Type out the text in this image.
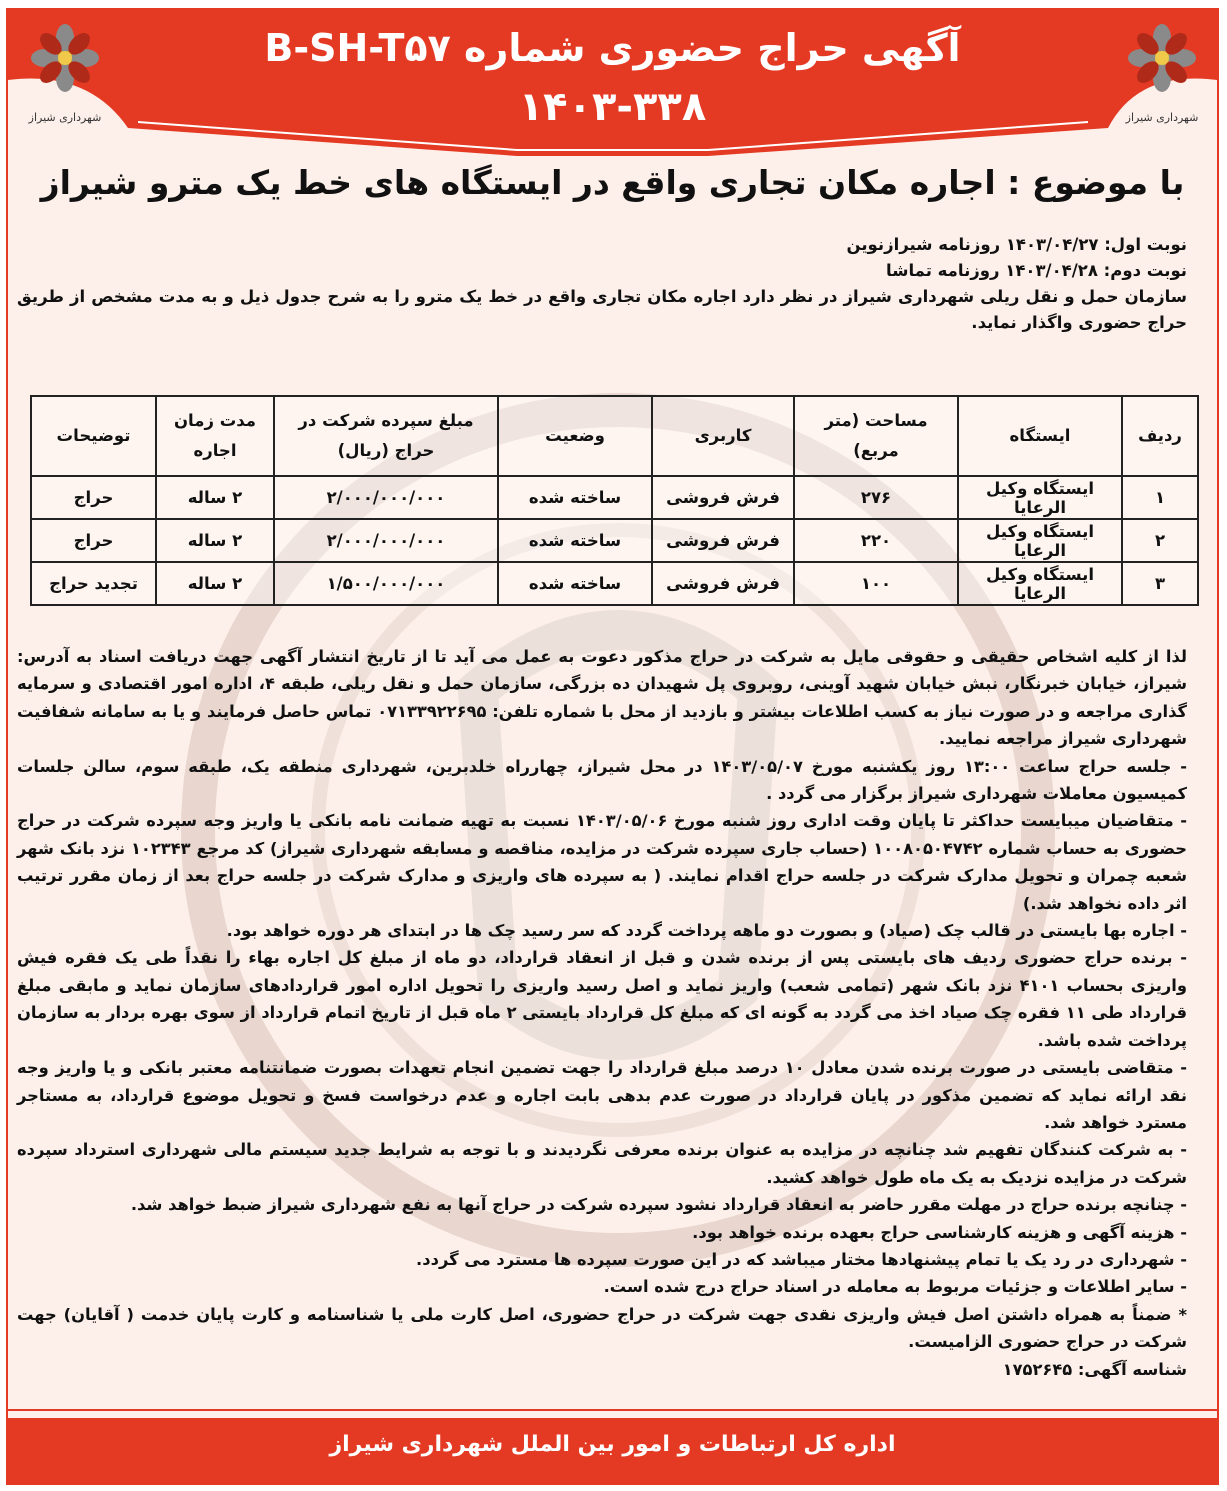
شهرداری شیراز	شهرداری شیراز
آگهی حراج حضوری شماره B-SH-T۵۷
۱۴۰۳-۳۳۸
با موضوع : اجاره مکان تجاری واقع در ایستگاه های خط یک مترو شیراز

نوبت اول: ۱۴۰۳/۰۴/۲۷ روزنامه شیرازنوین

نوبت دوم: ۱۴۰۳/۰۴/۲۸ روزنامه تماشا

سازمان حمل و نقل ریلی شهرداری شیراز در نظر دارد اجاره مکان تجاری واقع در خط یک مترو را به شرح جدول ذیل و به مدت مشخص از طریق حراج حضوری واگذار نماید.

ردیف	ایستگاه	مساحت (متر مربع)	کاربری	وضعیت	مبلغ سپرده شرکت در حراج (ریال)	مدت زمان اجاره	توضیحات
۱	ایستگاه وکیل الرعایا	۲۷۶	فرش فروشی	ساخته شده	۲/۰۰۰/۰۰۰/۰۰۰	۲ ساله	حراج
۲	ایستگاه وکیل الرعایا	۲۲۰	فرش فروشی	ساخته شده	۲/۰۰۰/۰۰۰/۰۰۰	۲ ساله	حراج
۳	ایستگاه وکیل الرعایا	۱۰۰	فرش فروشی	ساخته شده	۱/۵۰۰/۰۰۰/۰۰۰	۲ ساله	تجدید حراج

لذا از کلیه اشخاص حقیقی و حقوقی مایل به شرکت در حراج مذکور دعوت به عمل می آید تا از تاریخ انتشار آگهی جهت دریافت اسناد به آدرس: شیراز، خیابان خبرنگار، نبش خیابان شهید آوینی، روبروی پل شهیدان ده بزرگی، سازمان حمل و نقل ریلی، طبقه ۴، اداره امور اقتصادی و سرمایه گذاری مراجعه و در صورت نیاز به کسب اطلاعات بیشتر و بازدید از محل با شماره تلفن: ۰۷۱۳۳۹۲۲۶۹۵ تماس حاصل فرمایند و یا به سامانه شفافیت شهرداری شیراز مراجعه نمایید.

- جلسه حراج ساعت ۱۳:۰۰ روز یکشنبه مورخ ۱۴۰۳/۰۵/۰۷ در محل شیراز، چهارراه خلدبرین، شهرداری منطقه یک، طبقه سوم، سالن جلسات کمیسیون معاملات شهرداری شیراز برگزار می گردد .

- متقاضیان میبایست حداکثر تا پایان وقت اداری روز شنبه مورخ ۱۴۰۳/۰۵/۰۶ نسبت به تهیه ضمانت نامه بانکی یا واریز وجه سپرده شرکت در حراج حضوری به حساب شماره ۱۰۰۸۰۵۰۴۷۴۲ (حساب جاری سپرده شرکت در مزایده، مناقصه و مسابقه شهرداری شیراز) کد مرجع ۱۰۲۳۴۳ نزد بانک شهر شعبه چمران و تحویل مدارک شرکت در جلسه حراج اقدام نمایند. ( به سپرده های واریزی و مدارک شرکت در جلسه حراج بعد از زمان مقرر ترتیب اثر داده نخواهد شد.)

- اجاره بها بایستی در قالب چک (صیاد) و بصورت دو ماهه پرداخت گردد که سر رسید چک ها در ابتدای هر دوره خواهد بود.

- برنده حراج حضوری ردیف های بایستی پس از برنده شدن و قبل از انعقاد قرارداد، دو ماه از مبلغ کل اجاره بهاء را نقداً طی یک فقره فیش واریزی بحساب ۴۱۰۱ نزد بانک شهر (تمامی شعب) واریز نماید و اصل رسید واریزی را تحویل اداره امور قراردادهای سازمان نماید و مابقی مبلغ قرارداد طی ۱۱ فقره چک صیاد اخذ می گردد به گونه ای که مبلغ کل قرارداد بایستی ۲ ماه قبل از تاریخ اتمام قرارداد از سوی بهره بردار به سازمان پرداخت شده باشد.

- متقاضی بایستی در صورت برنده شدن معادل ۱۰ درصد مبلغ قرارداد را جهت تضمین انجام تعهدات بصورت ضمانتنامه معتبر بانکی و یا واریز وجه نقد ارائه نماید که تضمین مذکور در پایان قرارداد در صورت عدم بدهی بابت اجاره و عدم درخواست فسخ و تحویل موضوع قرارداد، به مستاجر مسترد خواهد شد.

- به شرکت کنندگان تفهیم شد چنانچه در مزایده به عنوان برنده معرفی نگردیدند و با توجه به شرایط جدید سیستم مالی شهرداری استرداد سپرده شرکت در مزایده نزدیک به یک ماه طول خواهد کشید.

- چنانچه برنده حراج در مهلت مقرر حاضر به انعقاد قرارداد نشود سپرده شرکت در حراج آنها به نفع شهرداری شیراز ضبط خواهد شد.

- هزینه آگهی و هزینه کارشناسی حراج بعهده برنده خواهد بود.

- شهرداری در رد یک یا تمام پیشنهادها مختار میباشد که در این صورت سپرده ها مسترد می گردد.

- سایر اطلاعات و جزئیات مربوط به معامله در اسناد حراج درج شده است.

* ضمناً به همراه داشتن اصل فیش واریزی نقدی جهت شرکت در حراج حضوری، اصل کارت ملی یا شناسنامه و کارت پایان خدمت ( آقایان) جهت شرکت در حراج حضوری الزامیست.

شناسه آگهی: ۱۷۵۲۶۴۵

اداره کل ارتباطات و امور بین الملل شهرداری شیراز
